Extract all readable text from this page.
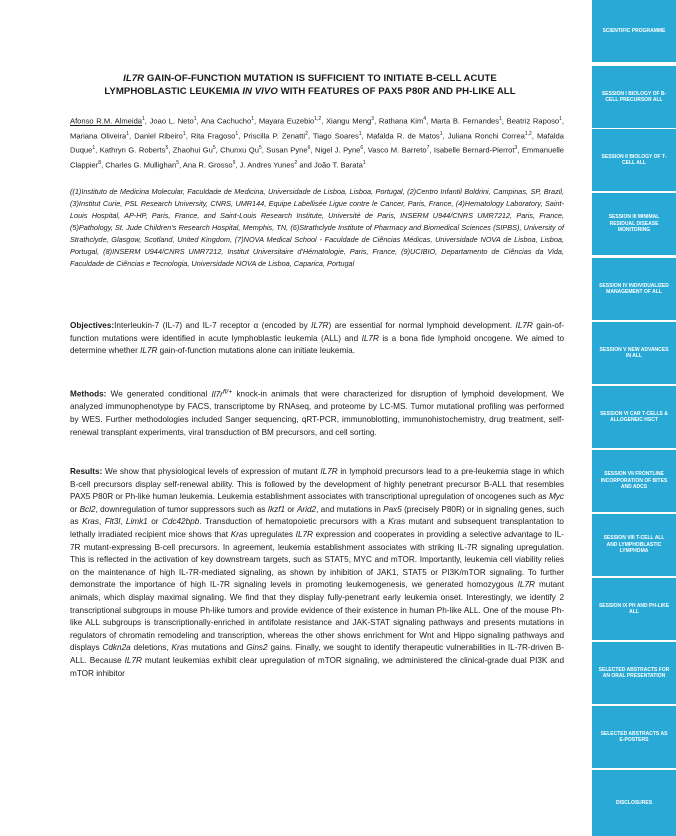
IL7R GAIN-OF-FUNCTION MUTATION IS SUFFICIENT TO INITIATE B-CELL ACUTE
LYMPHOBLASTIC LEUKEMIA IN VIVO WITH FEATURES OF PAX5 P80R AND PH-LIKE ALL
Afonso R.M. Almeida$^1$, Joao L. Neto$^1$, Ana Cachucho$^1$, Mayara Euzebio$^{1,2}$, Xiangu Meng$^3$, Rathana Kim$^4$, Marta B. Fernandes$^1$, Beatriz Raposo$^1$, Mariana Oliveira$^1$, Daniel Ribeiro$^1$, Rita Fragoso$^1$, Priscilla P. Zenatti$^2$, Tiago Soares$^1$, Mafalda R. de Matos$^1$, Juliana Ronchi Correa$^{1,2}$, Mafalda Duque$^1$, Kathryn G. Roberts$^5$, Zhaohui Gu$^5$, Chunxu Qu$^5$, Susan Pyne$^6$, Nigel J. Pyne$^6$, Vasco M. Barreto$^7$, Isabelle Bernard-Pierrot$^3$, Emmanuelle Clappier$^8$, Charles G. Mullighan$^5$, Ana R. Grosso$^9$, J. Andres Yunes$^2$ and João T. Barata$^1$
((1)Instituto de Medicina Molecular, Faculdade de Medicina, Universidade de Lisboa, Lisboa, Portugal, (2)Centro Infantil Boldrini, Campinas, SP, Brazil, (3)Institut Curie, PSL Research University, CNRS, UMR144, Equipe Labellisée Ligue contre le Cancer, Paris, France, (4)Hematology Laboratory, Saint-Louis Hospital, AP-HP, Paris, France, and Saint-Louis Research Institute, Université de Paris, INSERM U944/CNRS UMR7212, Paris, France, (5)Pathology, St. Jude Children's Research Hospital, Memphis, TN, (6)Strathclyde Institute of Pharmacy and Biomedical Sciences (SIPBS), University of Strathclyde, Glasgow, Scotland, United Kingdom, (7)NOVA Medical School - Faculdade de Ciências Médicas, Universidade NOVA de Lisboa, Lisboa, Portugal, (8)INSERM U944/CNRS UMR7212, Institut Universitaire d'Hématologie, Paris, France, (9)UCIBIO, Departamento de Ciências da Vida, Faculdade de Ciências e Tecnologia, Universidade NOVA de Lisboa, Caparica, Portugal
Objectives:Interleukin-7 (IL-7) and IL-7 receptor α (encoded by IL7R) are essential for normal lymphoid development. IL7R gain-of-function mutations were identified in acute lymphoblastic leukemia (ALL) and IL7R is a bona fide lymphoid oncogene. We aimed to determine whether IL7R gain-of-function mutations alone can initiate leukemia.
Methods: We generated conditional $Il7r^{fl/+}$ knock-in animals that were characterized for disruption of lymphoid development. We analyzed immunophenotype by FACS, transcriptome by RNAseq, and proteome by LC-MS. Tumor mutational profiling was performed by WES. Further methodologies included Sanger sequencing, qRT-PCR, immunoblotting, immunohistochemistry, drug treatment, self-renewal transplant experiments, viral transduction of BM precursors, and cell sorting.
Results: We show that physiological levels of expression of mutant IL7R in lymphoid precursors lead to a pre-leukemia stage in which B-cell precursors display self-renewal ability. This is followed by the development of highly penetrant precursor B-ALL that resembles PAX5 P80R or Ph-like human leukemia. Leukemia establishment associates with transcriptional upregulation of oncogenes such as Myc or Bcl2, downregulation of tumor suppressors such as Ikzf1 or Arid2, and mutations in Pax5 (precisely P80R) or in signaling genes, such as Kras, Flt3l, Limk1 or Cdc42bpb. Transduction of hematopoietic precursors with a Kras mutant and subsequent transplantation to lethally irradiated recipient mice shows that Kras upregulates IL7R expression and cooperates in providing a selective advantage to IL-7R mutant-expressing B-cell precursors. In agreement, leukemia establishment associates with striking IL-7R signaling upregulation. This is reflected in the activation of key downstream targets, such as STAT5, MYC and mTOR. Importantly, leukemia cell viability relies on the maintenance of high IL-7R-mediated signaling, as shown by inhibition of JAK1, STAT5 or PI3K/mTOR signaling. To further demonstrate the importance of high IL-7R signaling levels in promoting leukemogenesis, we generated homozygous IL7R mutant animals, which display maximal signaling. We find that they display fully-penetrant early leukemia onset. Interestingly, we identify 2 transcriptional subgroups in mouse Ph-like tumors and provide evidence of their existence in human Ph-like ALL. One of the mouse Ph-like ALL subgroups is transcriptionally-enriched in antifolate resistance and JAK-STAT signaling pathways and presents mutations in regulators of chromatin remodeling and transcription, whereas the other shows enrichment for Wnt and Hippo signaling pathways and displays Cdkn2a deletions, Kras mutations and Gins2 gains. Finally, we sought to identify therapeutic vulnerabilities in IL-7R-driven B-ALL. Because IL7R mutant leukemias exhibit clear upregulation of mTOR signaling, we administered the clinical-grade dual PI3K and mTOR inhibitor
SCIENTIFIC PROGRAMME
SESSION I BIOLOGY OF B-CELL PRECURSOR ALL
SESSION II BIOLOGY OF T-CELL ALL
SESSION III MINIMAL RESIDUAL DISEASE MONITORING
SESSION IV INDIVIDUALIZED MANAGEMENT OF ALL
SESSION V NEW ADVANCES IN ALL
SESSION VI CAR T-CELLS & ALLOGENEIC HSCT
SESSION VII FRONTLINE INCORPORATION OF BITES AND ADCS
SESSION VIII T-CELL ALL AND LYMPHOBLASTIC LYMPHOMA
SESSION IX PH AND PH-LIKE ALL
SELECTED ABSTRACTS FOR AN ORAL PRESENTATION
SELECTED ABSTRACTS AS E-POSTERS
DISCLOSURES
